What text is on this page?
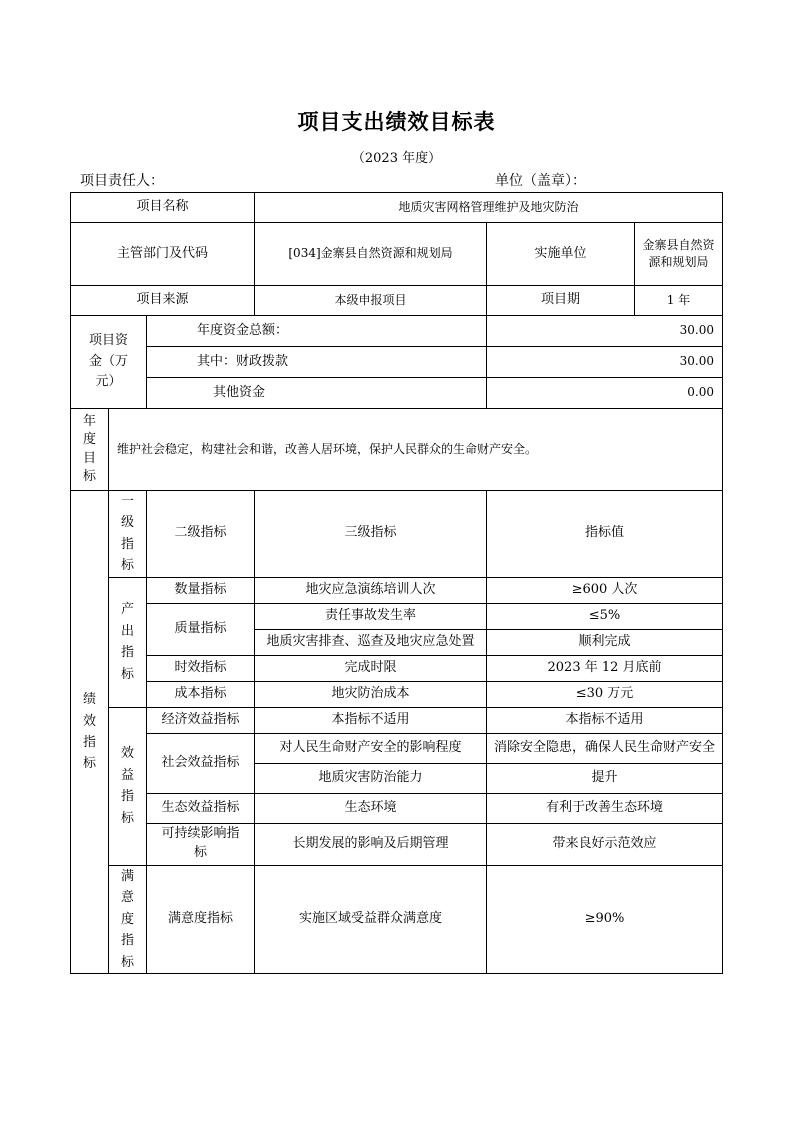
项目支出绩效目标表
（2023 年度）
项目责任人：	单位（盖章）：
项目名称			地质灾害网格管理维护及地灾防治		
主管部门及代码			[034]金寨县自然资源和规划局	实施单位	金寨县自然资源和规划局
项目来源			本级申报项目	项目期	1 年
项目资金（万元）		年度资金总额：		30.00	
		其中：财政拨款		30.00	
		其他资金		0.00	
年度目标	维护社会稳定，构建社会和谐，改善人居环境，保护人民群众的生命财产安全。				
绩效指标	一级指标	二级指标	三级指标	指标值	
	产出指标	数量指标	地灾应急演练培训人次	≥600 人次	
		质量指标	责任事故发生率	≤5%	
			地质灾害排查、巡查及地灾应急处置	顺利完成	
		时效指标	完成时限	2023 年 12 月底前	
		成本指标	地灾防治成本	≤30 万元	
	效益指标	经济效益指标	本指标不适用	本指标不适用	
		社会效益指标	对人民生命财产安全的影响程度	消除安全隐患，确保人民生命财产安全	
			地质灾害防治能力	提升	
		生态效益指标	生态环境	有利于改善生态环境	
		可持续影响指标	长期发展的影响及后期管理	带来良好示范效应	
	满意度指标	满意度指标	实施区域受益群众满意度	≥90%	
